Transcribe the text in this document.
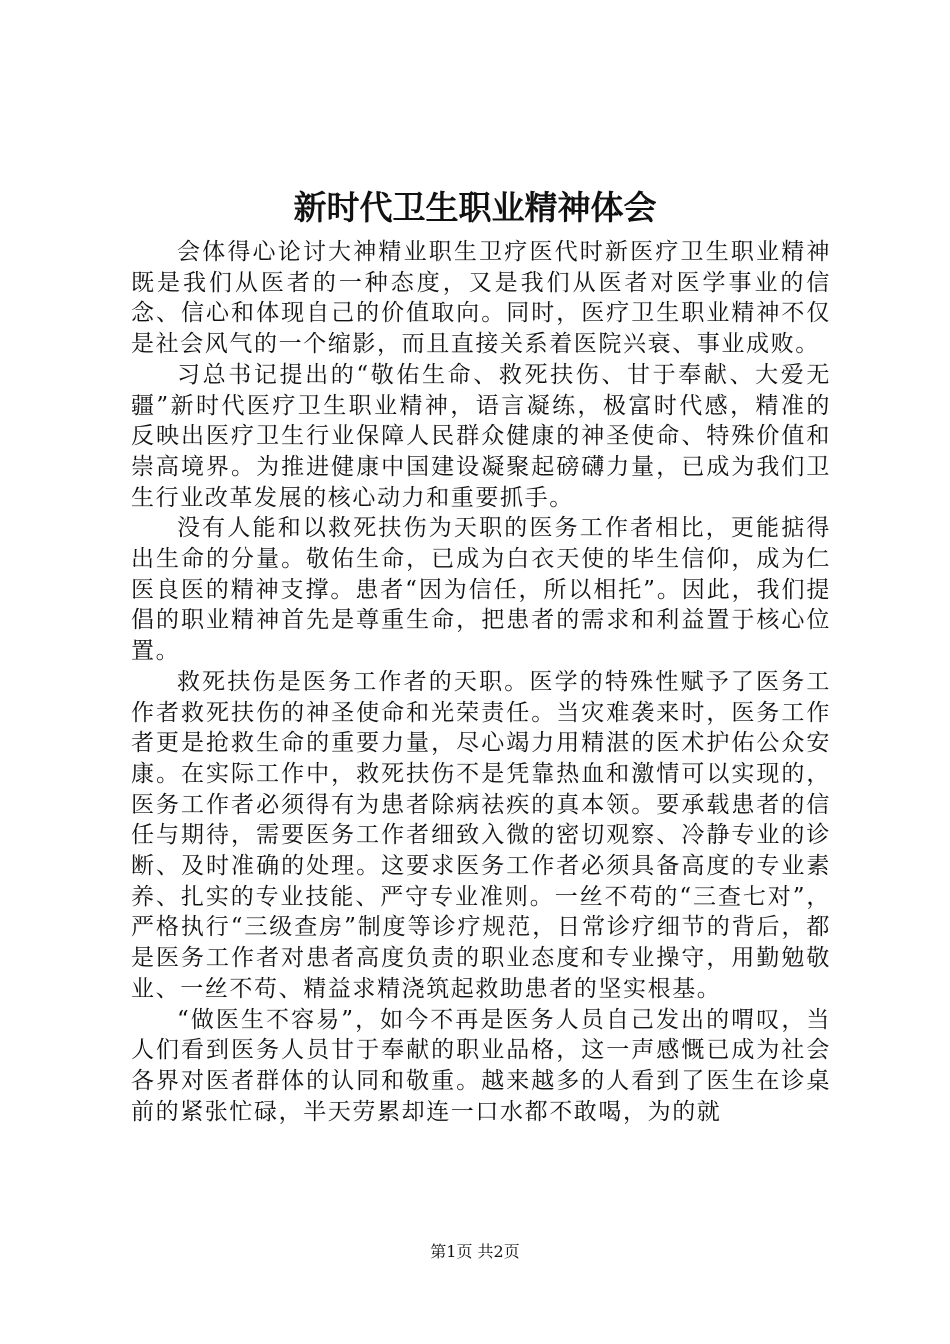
新时代卫生职业精神体会

会体得心论讨大神精业职生卫疗医代时新医疗卫生职业精神既是我们从医者的一种态度，又是我们从医者对医学事业的信念、信心和体现自己的价值取向。同时，医疗卫生职业精神不仅是社会风气的一个缩影，而且直接关系着医院兴衰、事业成败。

习总书记提出的“敬佑生命、救死扶伤、甘于奉献、大爱无疆”新时代医疗卫生职业精神，语言凝练，极富时代感，精准的反映出医疗卫生行业保障人民群众健康的神圣使命、特殊价值和崇高境界。为推进健康中国建设凝聚起磅礴力量，已成为我们卫生行业改革发展的核心动力和重要抓手。

没有人能和以救死扶伤为天职的医务工作者相比，更能掂得出生命的分量。敬佑生命，已成为白衣天使的毕生信仰，成为仁医良医的精神支撑。患者“因为信任，所以相托”。因此，我们提倡的职业精神首先是尊重生命，把患者的需求和利益置于核心位置。

救死扶伤是医务工作者的天职。医学的特殊性赋予了医务工作者救死扶伤的神圣使命和光荣责任。当灾难袭来时，医务工作者更是抢救生命的重要力量，尽心竭力用精湛的医术护佑公众安康。在实际工作中，救死扶伤不是凭靠热血和激情可以实现的，医务工作者必须得有为患者除病祛疾的真本领。要承载患者的信任与期待，需要医务工作者细致入微的密切观察、冷静专业的诊断、及时准确的处理。这要求医务工作者必须具备高度的专业素养、扎实的专业技能、严守专业准则。一丝不苟的“三查七对”，严格执行“三级查房”制度等诊疗规范，日常诊疗细节的背后，都是医务工作者对患者高度负责的职业态度和专业操守，用勤勉敬业、一丝不苟、精益求精浇筑起救助患者的坚实根基。

“做医生不容易”，如今不再是医务人员自己发出的喟叹，当人们看到医务人员甘于奉献的职业品格，这一声感慨已成为社会各界对医者群体的认同和敬重。越来越多的人看到了医生在诊桌前的紧张忙碌，半天劳累却连一口水都不敢喝，为的就

第1页 共2页
